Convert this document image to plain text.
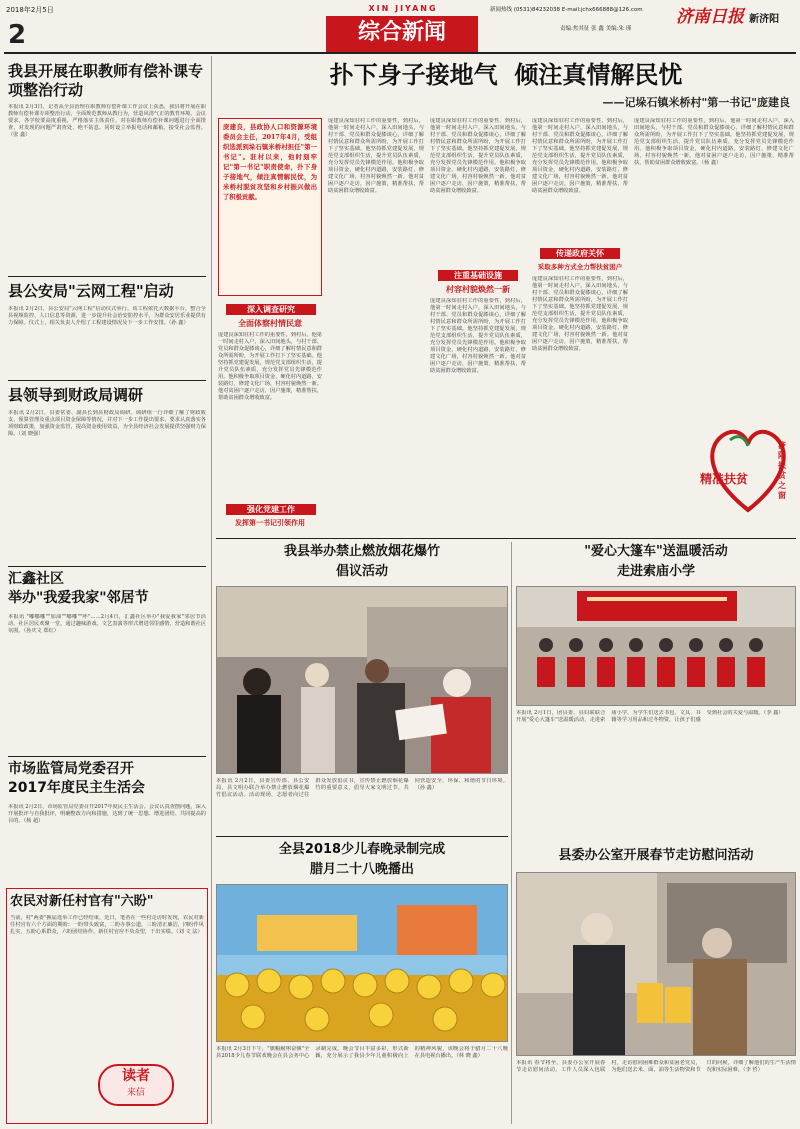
2018年2月5日
2
XIN JIYANG
综合新闻
新闻热线 (0531)84232038 E-mail:jchx666888@126.com
责编:焦其征 张 鑫 美编:朱 瑾
济南日报 新济阳
我县开展在职教师有偿补课专项整治行动
本报讯 2月3日，记者从全县治理在职教师有偿补课工作会议上获悉，我县将开展在职教师有偿补课专项整治行动，全面规范教师从教行为，营造风清气正的教育环境。会议要求，各学校要高度重视，严格落实主体责任，对在职教师有偿补课问题进行全面排查，对发现的问题严肃查处，绝不姑息。同时设立举报电话和邮箱，接受社会监督。（张 鑫）
县公安局"云网工程"启动
本报讯 2月2日，县公安局"云网工程"启动仪式举行。该工程依托大数据平台，整合全县视频监控、人口信息等资源，进一步提升社会治安防控水平，为群众安居乐业提供有力保障。仪式上，相关负责人介绍了工程建设情况及下一步工作安排。（孙 鑫）
县领导到财政局调研
本报讯 2月2日，县委常委、副县长到县财政局调研。调研组一行详细了解了财政收支、预算管理及重点项目资金保障等情况，并对下一步工作提出要求。要求认真落实各项财政政策，加强资金监管，提高资金使用效益，为全县经济社会发展提供坚强财力保障。（刘 晓强）
汇鑫社区
举办"我爱我家"邻居节
本报讯 "嘟嘟嘟""加油""嘟嘟""呼"……2月4日，汇鑫社区举办"我爱我家"邻居节活动，社区居民欢聚一堂，通过趣味游戏、文艺表演等形式增进邻里感情，营造和谐社区氛围。（孙庆文 郑红）
市场监管局党委召开
2017年度民主生活会
本报讯 2月2日，市场监管局党委召开2017年度民主生活会。会议认真查摆问题，深入开展批评与自我批评，明确整改方向和措施，达到了统一思想、增进团结、共同提高的目的。（杨 超）
农民对新任村官有"六盼"
当前，村"两委"换届选举工作已经结束，近日，笔者在一些村走访时发现，农民对新任村官有六个方面的期盼：一盼带头致富，二盼办事公道，三盼清正廉洁，四盼作风扎实，五盼心系群众，六盼团结协作。新任村官应不负众望，干出实绩。（刘 文 法）
读者
来信
扑下身子接地气  倾注真情解民忧
——记垛石镇米桥村"第一书记"庞建良
庞建良，县政协人口和资源环境委员会主任，2017年4月，受组织选派到垛石镇米桥村担任"第一书记"。驻村以来，他时刻牢记"第一书记"职责使命，扑下身子接地气，倾注真情解民忧，为米桥村脱贫攻坚和乡村振兴做出了积极贡献。
深入调查研究
全面体察村情民意
庞建良深知驻村工作的重要性，到村后，他第一时间走村入户，深入田间地头，与村干部、党员和群众促膝谈心，详细了解村情民意和群众所需所盼，为开展工作打下了坚实基础。他坚持抓党建促发展，规范党支部组织生活，提升党员队伍素质，充分发挥党员先锋模范作用。他积极争取项目资金，硬化村内道路，安装路灯，修建文化广场，村容村貌焕然一新。他对贫困户逐户走访，因户施策，精准帮扶，帮助贫困群众增收致富。
强化党建工作
发挥第一书记引领作用
庞建良深知驻村工作的重要性，到村后，他第一时间走村入户，深入田间地头，与村干部、党员和群众促膝谈心，详细了解村情民意和群众所需所盼，为开展工作打下了坚实基础。他坚持抓党建促发展，规范党支部组织生活，提升党员队伍素质，充分发挥党员先锋模范作用。他积极争取项目资金，硬化村内道路，安装路灯，修建文化广场，村容村貌焕然一新。他对贫困户逐户走访，因户施策，精准帮扶，帮助贫困群众增收致富。
庞建良深知驻村工作的重要性，到村后，他第一时间走村入户，深入田间地头，与村干部、党员和群众促膝谈心，详细了解村情民意和群众所需所盼，为开展工作打下了坚实基础。他坚持抓党建促发展，规范党支部组织生活，提升党员队伍素质，充分发挥党员先锋模范作用。他积极争取项目资金，硬化村内道路，安装路灯，修建文化广场，村容村貌焕然一新。他对贫困户逐户走访，因户施策，精准帮扶，帮助贫困群众增收致富。
注重基础设施
村容村貌焕然一新
庞建良深知驻村工作的重要性，到村后，他第一时间走村入户，深入田间地头，与村干部、党员和群众促膝谈心，详细了解村情民意和群众所需所盼，为开展工作打下了坚实基础。他坚持抓党建促发展，规范党支部组织生活，提升党员队伍素质，充分发挥党员先锋模范作用。他积极争取项目资金，硬化村内道路，安装路灯，修建文化广场，村容村貌焕然一新。他对贫困户逐户走访，因户施策，精准帮扶，帮助贫困群众增收致富。
庞建良深知驻村工作的重要性，到村后，他第一时间走村入户，深入田间地头，与村干部、党员和群众促膝谈心，详细了解村情民意和群众所需所盼，为开展工作打下了坚实基础。他坚持抓党建促发展，规范党支部组织生活，提升党员队伍素质，充分发挥党员先锋模范作用。他积极争取项目资金，硬化村内道路，安装路灯，修建文化广场，村容村貌焕然一新。他对贫困户逐户走访，因户施策，精准帮扶，帮助贫困群众增收致富。
传递政府关怀
采取多种方式全力帮扶贫困户
庞建良深知驻村工作的重要性，到村后，他第一时间走村入户，深入田间地头，与村干部、党员和群众促膝谈心，详细了解村情民意和群众所需所盼，为开展工作打下了坚实基础。他坚持抓党建促发展，规范党支部组织生活，提升党员队伍素质，充分发挥党员先锋模范作用。他积极争取项目资金，硬化村内道路，安装路灯，修建文化广场，村容村貌焕然一新。他对贫困户逐户走访，因户施策，精准帮扶，帮助贫困群众增收致富。
庞建良深知驻村工作的重要性，到村后，他第一时间走村入户，深入田间地头，与村干部、党员和群众促膝谈心，详细了解村情民意和群众所需所盼，为开展工作打下了坚实基础。他坚持抓党建促发展，规范党支部组织生活，提升党员队伍素质，充分发挥党员先锋模范作用。他积极争取项目资金，硬化村内道路，安装路灯，修建文化广场，村容村貌焕然一新。他对贫困户逐户走访，因户施策，精准帮扶，帮助贫困群众增收致富。（杨 鑫）
精准扶贫
济阳扶贫之窗
我县举办禁止燃放烟花爆竹
倡议活动
本报讯 2月2日，县委宣传部、县公安局、县文明办联合举办禁止燃放烟花爆竹倡议活动。活动现场，志愿者向过往群众发放倡议书，宣传禁止燃放烟花爆竹的重要意义，倡导大家文明过节，共同营造安全、环保、和谐的节日环境。（孙 鑫）
"爱心大篷车"送温暖活动
走进索庙小学
本报讯 2月1日，团县委、县妇联联合开展"爱心大篷车"送温暖活动，走进索庙小学，为学生们送去书包、文具、书籍等学习用品和过冬物资，让孩子们感受到社会的关爱与温暖。（李 鑫）
全县2018少儿春晚录制完成
腊月二十八晚播出
本报讯 2月3日下午，"旗帽耐翔奋骥"全县2018少儿春节联欢晚会在县会务中心录制完成。晚会节目丰富多彩，形式新颖，充分展示了我县少年儿童积极向上的精神风貌，该晚会将于腊月二十八晚在县电视台播出。（林 晓 鑫）
县委办公室开展春节走访慰问活动
本报讯 春节将至，县委办公室开展春节走访慰问活动。工作人员深入包联村，走访慰问困难群众和贫困老党员，为他们送去米、面、油等生活物资和节日的问候，详细了解他们的生产生活情况和实际困难。（李 哲）
